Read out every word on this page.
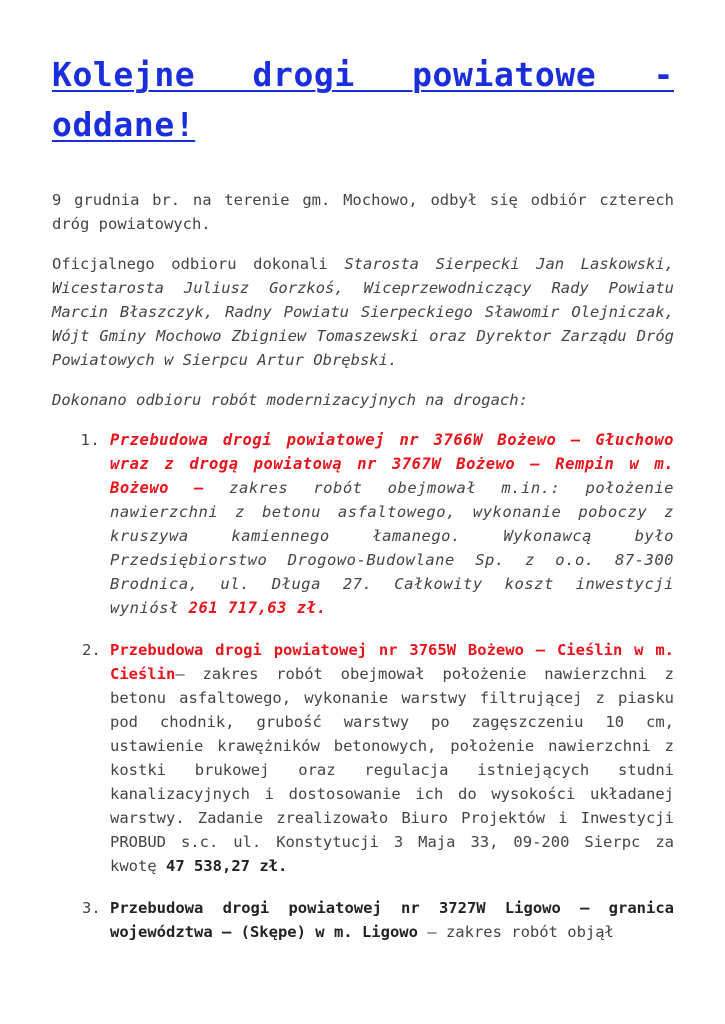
Kolejne drogi powiatowe - oddane!

9 grudnia br. na terenie gm. Mochowo, odbył się odbiór czterech dróg powiatowych.

Oficjalnego odbioru dokonali Starosta Sierpecki Jan Laskowski, Wicestarosta Juliusz Gorzkoś, Wiceprzewodniczący Rady Powiatu Marcin Błaszczyk, Radny Powiatu Sierpeckiego Sławomir Olejniczak, Wójt Gminy Mochowo Zbigniew Tomaszewski oraz Dyrektor Zarządu Dróg Powiatowych w Sierpcu Artur Obrębski.

Dokonano odbioru robót modernizacyjnych na drogach:

1. Przebudowa drogi powiatowej nr 3766W Bożewo – Głuchowo wraz z drogą powiatową nr 3767W Bożewo – Rempin w m. Bożewo – zakres robót obejmował m.in.: położenie nawierzchni z betonu asfaltowego, wykonanie poboczy z kruszywa kamiennego łamanego. Wykonawcą było Przedsiębiorstwo Drogowo-Budowlane Sp. z o.o. 87-300 Brodnica, ul. Długa 27. Całkowity koszt inwestycji wyniósł 261 717,63 zł.
2. Przebudowa drogi powiatowej nr 3765W Bożewo – Cieślin w m. Cieślin– zakres robót obejmował położenie nawierzchni z betonu asfaltowego, wykonanie warstwy filtrującej z piasku pod chodnik, grubość warstwy po zagęszczeniu 10 cm, ustawienie krawężników betonowych, położenie nawierzchni z kostki brukowej oraz regulacja istniejących studni kanalizacyjnych i dostosowanie ich do wysokości układanej warstwy. Zadanie zrealizowało Biuro Projektów i Inwestycji PROBUD s.c. ul. Konstytucji 3 Maja 33, 09-200 Sierpc za kwotę 47 538,27 zł.
3. Przebudowa drogi powiatowej nr 3727W Ligowo – granica województwa – (Skępe) w m. Ligowo – zakres robót objął
